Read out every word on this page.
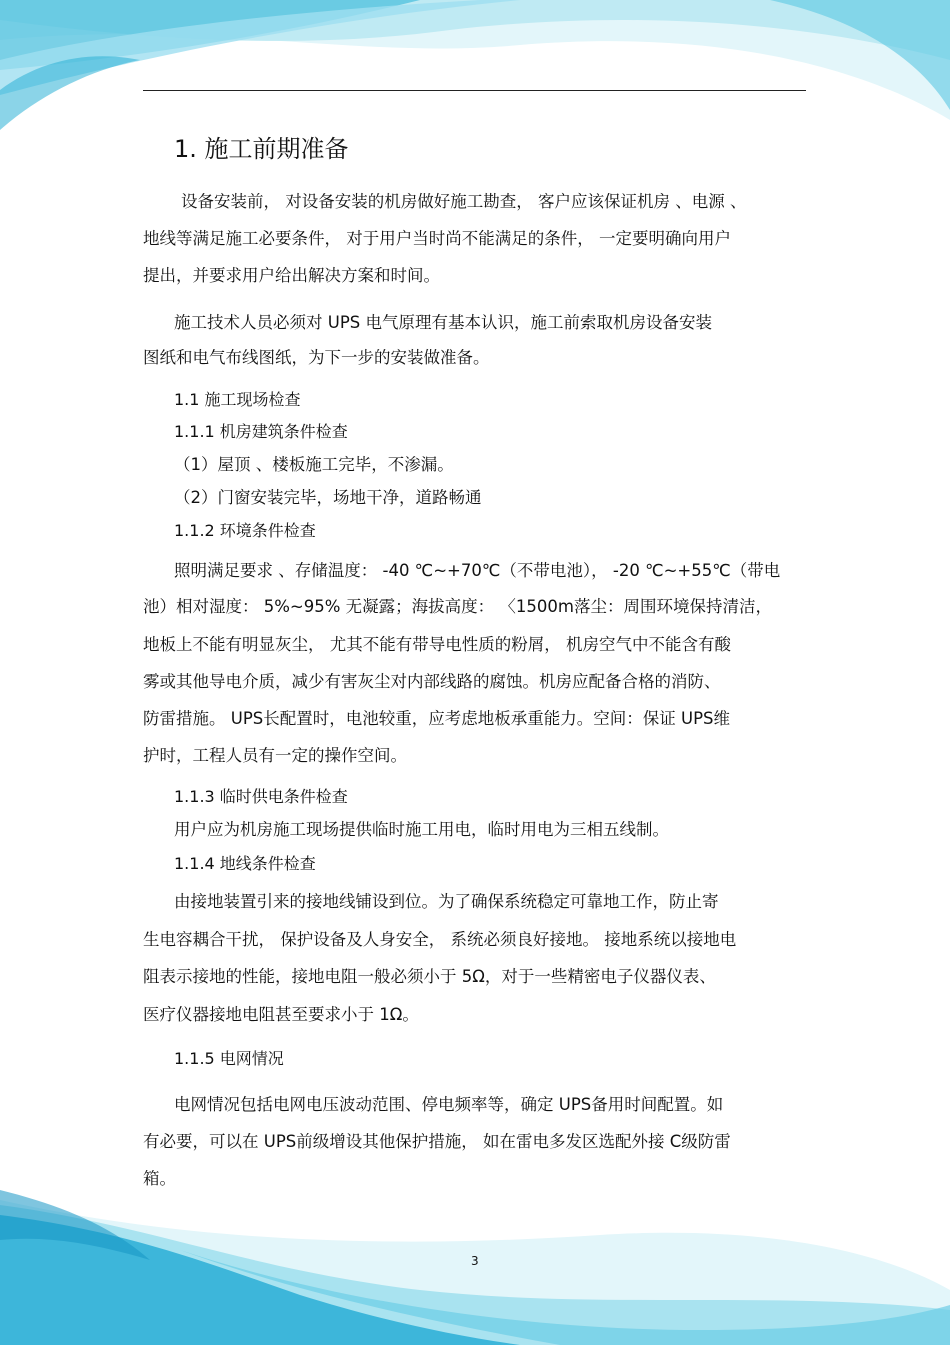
1. 施工前期准备
设备安装前， 对设备安装的机房做好施工勘查， 客户应该保证机房 、电源 、
地线等满足施工必要条件， 对于用户当时尚不能满足的条件， 一定要明确向用户
提出，并要求用户给出解决方案和时间。
施工技术人员必须对 UPS 电气原理有基本认识，施工前索取机房设备安装
图纸和电气布线图纸，为下一步的安装做准备。
1.1 施工现场检查
1.1.1 机房建筑条件检查
（1）屋顶 、楼板施工完毕，不渗漏。
（2）门窗安装完毕，场地干净，道路畅通
1.1.2 环境条件检查
照明满足要求 、存储温度： -40 ℃~+70℃（不带电池）， -20 ℃~+55℃（带电
池）相对湿度： 5%~95% 无凝露；海拔高度： 〈1500m落尘：周围环境保持清洁，
地板上不能有明显灰尘， 尤其不能有带导电性质的粉屑， 机房空气中不能含有酸
雾或其他导电介质，减少有害灰尘对内部线路的腐蚀。机房应配备合格的消防、
防雷措施。 UPS长配置时，电池较重，应考虑地板承重能力。空间：保证 UPS维
护时，工程人员有一定的操作空间。
1.1.3 临时供电条件检查
用户应为机房施工现场提供临时施工用电，临时用电为三相五线制。
1.1.4 地线条件检查
由接地装置引来的接地线铺设到位。为了确保系统稳定可靠地工作，防止寄
生电容耦合干扰， 保护设备及人身安全， 系统必须良好接地。 接地系统以接地电
阻表示接地的性能，接地电阻一般必须小于 5Ω，对于一些精密电子仪器仪表、
医疗仪器接地电阻甚至要求小于 1Ω。
1.1.5 电网情况
电网情况包括电网电压波动范围、停电频率等，确定 UPS备用时间配置。如
有必要，可以在 UPS前级增设其他保护措施， 如在雷电多发区选配外接 C级防雷
箱。
3
